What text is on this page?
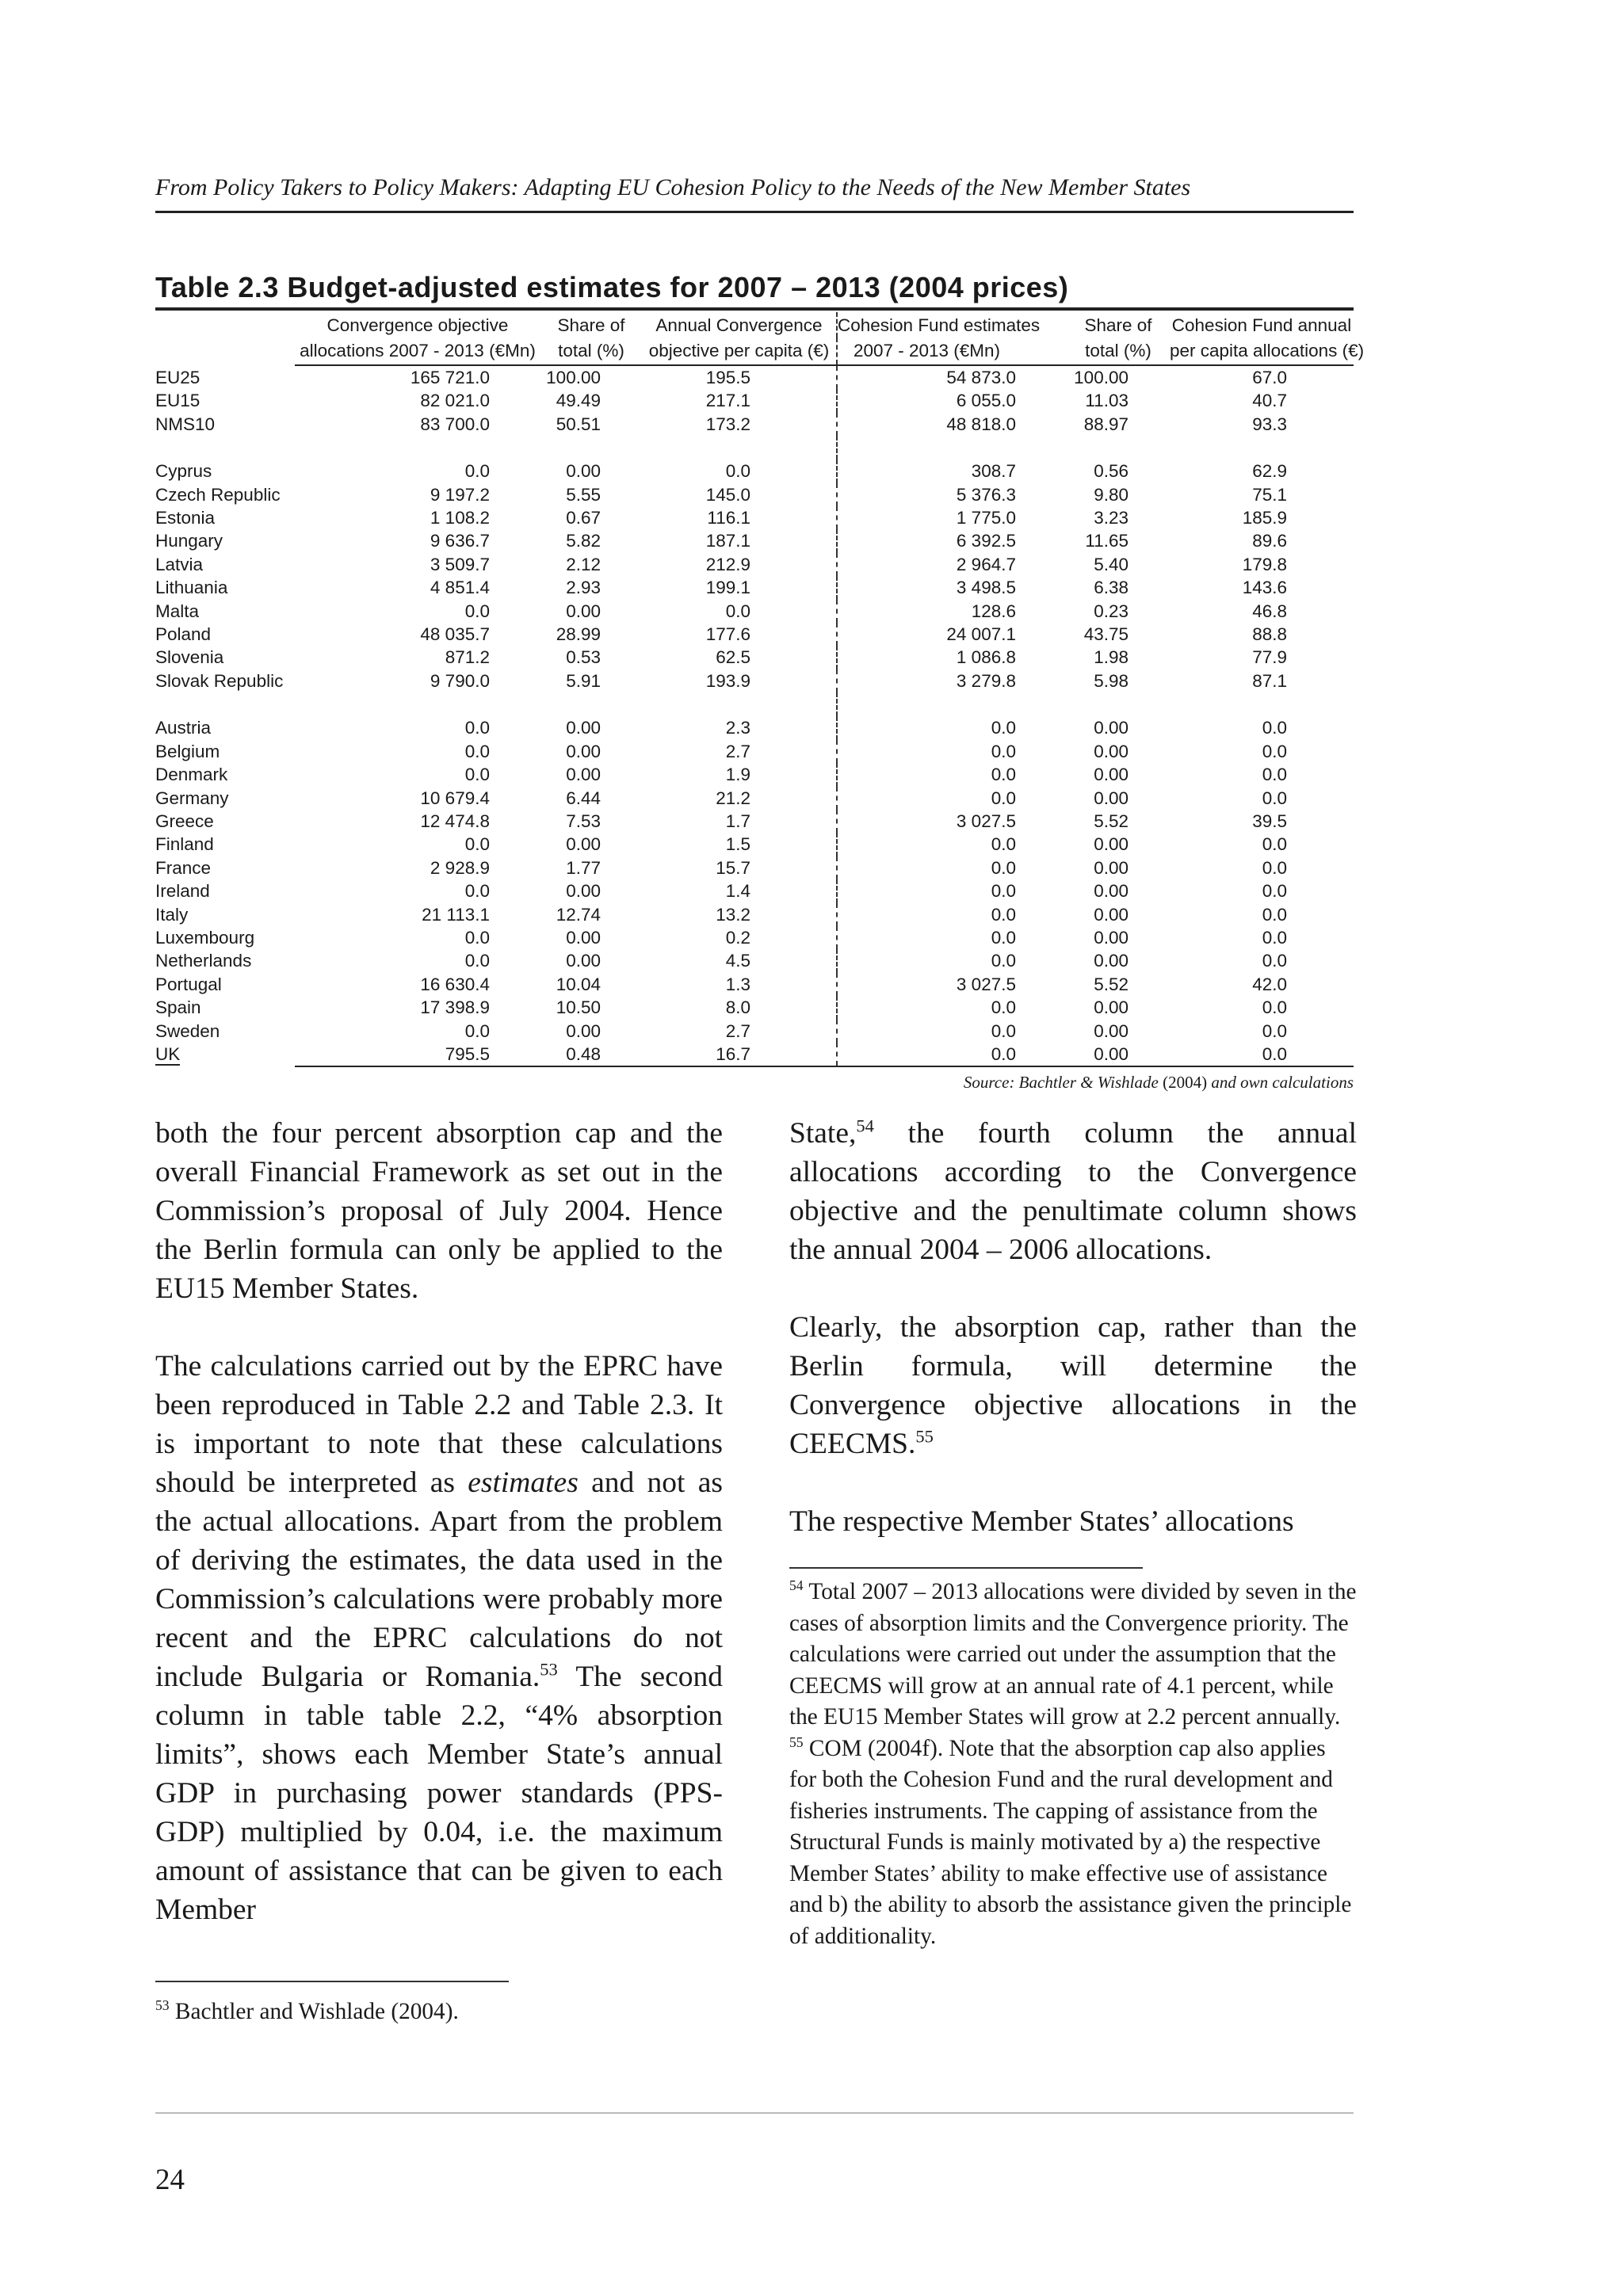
From Policy Takers to Policy Makers: Adapting EU Cohesion Policy to the Needs of the New Member States
Table 2.3 Budget-adjusted estimates for 2007 – 2013 (2004 prices)
	Convergence objective	Share of	Annual Convergence	Cohesion Fund estimates	Share of	Cohesion Fund annual
	allocations 2007 - 2013 (€Mn)	total (%)	objective per capita (€)	2007 - 2013 (€Mn)	total (%)	per capita allocations (€)
EU25	165 721.0	100.00	195.5	54 873.0	100.00	67.0
EU15	82 021.0	49.49	217.1	6 055.0	11.03	40.7
NMS10	83 700.0	50.51	173.2	48 818.0	88.97	93.3

Cyprus	0.0	0.00	0.0	308.7	0.56	62.9
Czech Republic	9 197.2	5.55	145.0	5 376.3	9.80	75.1
Estonia	1 108.2	0.67	116.1	1 775.0	3.23	185.9
Hungary	9 636.7	5.82	187.1	6 392.5	11.65	89.6
Latvia	3 509.7	2.12	212.9	2 964.7	5.40	179.8
Lithuania	4 851.4	2.93	199.1	3 498.5	6.38	143.6
Malta	0.0	0.00	0.0	128.6	0.23	46.8
Poland	48 035.7	28.99	177.6	24 007.1	43.75	88.8
Slovenia	871.2	0.53	62.5	1 086.8	1.98	77.9
Slovak Republic	9 790.0	5.91	193.9	3 279.8	5.98	87.1

Austria	0.0	0.00	2.3	0.0	0.00	0.0
Belgium	0.0	0.00	2.7	0.0	0.00	0.0
Denmark	0.0	0.00	1.9	0.0	0.00	0.0
Germany	10 679.4	6.44	21.2	0.0	0.00	0.0
Greece	12 474.8	7.53	1.7	3 027.5	5.52	39.5
Finland	0.0	0.00	1.5	0.0	0.00	0.0
France	2 928.9	1.77	15.7	0.0	0.00	0.0
Ireland	0.0	0.00	1.4	0.0	0.00	0.0
Italy	21 113.1	12.74	13.2	0.0	0.00	0.0
Luxembourg	0.0	0.00	0.2	0.0	0.00	0.0
Netherlands	0.0	0.00	4.5	0.0	0.00	0.0
Portugal	16 630.4	10.04	1.3	3 027.5	5.52	42.0
Spain	17 398.9	10.50	8.0	0.0	0.00	0.0
Sweden	0.0	0.00	2.7	0.0	0.00	0.0
UK	795.5	0.48	16.7	0.0	0.00	0.0
Source: Bachtler & Wishlade (2004) and own calculations

both the four percent absorption cap and the overall Financial Framework as set out in the Commission’s proposal of July 2004. Hence the Berlin formula can only be applied to the EU15 Member States.

The calculations carried out by the EPRC have been reproduced in Table 2.2 and Table 2.3. It is important to note that these calculations should be interpreted as estimates and not as the actual allocations. Apart from the problem of deriving the estimates, the data used in the Commission’s calculations were probably more recent and the EPRC calculations do not include Bulgaria or Romania.$^{53}$ The second column in table table 2.2, “4% absorption limits”, shows each Member State’s annual GDP in purchasing power standards (PPS-GDP) multiplied by 0.04, i.e. the maximum amount of assistance that can be given to each Member

State,$^{54}$ the fourth column the annual allocations according to the Convergence objective and the penultimate column shows the annual 2004 – 2006 allocations.

Clearly, the absorption cap, rather than the Berlin formula, will determine the Convergence objective allocations in the CEECMS.$^{55}$

The respective Member States’ allocations

$^{54}$ Total 2007 – 2013 allocations were divided by seven in the cases of absorption limits and the Convergence priority. The calculations were carried out under the assumption that the CEECMS will grow at an annual rate of 4.1 percent, while the EU15 Member States will grow at 2.2 percent annually.

$^{55}$ COM (2004f). Note that the absorption cap also applies for both the Cohesion Fund and the rural development and fisheries instruments. The capping of assistance from the Structural Funds is mainly motivated by a) the respective Member States’ ability to make effective use of assistance and b) the ability to absorb the assistance given the principle of additionality.

$^{53}$ Bachtler and Wishlade (2004).
24
